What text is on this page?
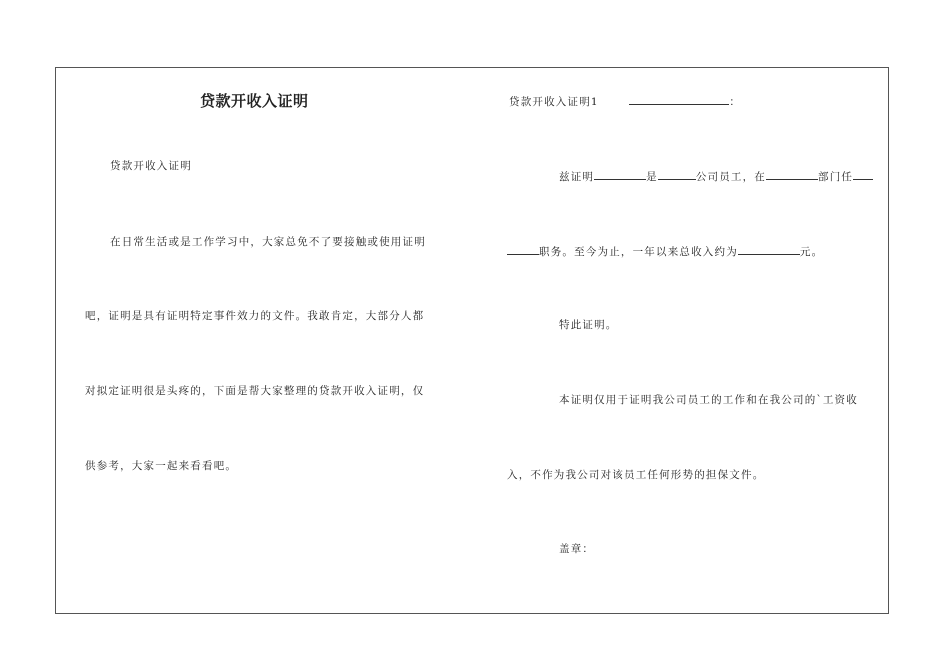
贷款开收入证明
贷款开收入证明
在日常生活或是工作学习中，大家总免不了要接触或使用证明
吧，证明是具有证明特定事件效力的文件。我敢肯定，大部分人都
对拟定证明很是头疼的，下面是帮大家整理的贷款开收入证明，仅
供参考，大家一起来看看吧。
贷款开收入证明1	：
兹证明	是	公司员工，在	部门任
职务。至今为止，一年以来总收入约为	元。
特此证明。
本证明仅用于证明我公司员工的工作和在我公司的`工资收
入，不作为我公司对该员工任何形势的担保文件。
盖章：
